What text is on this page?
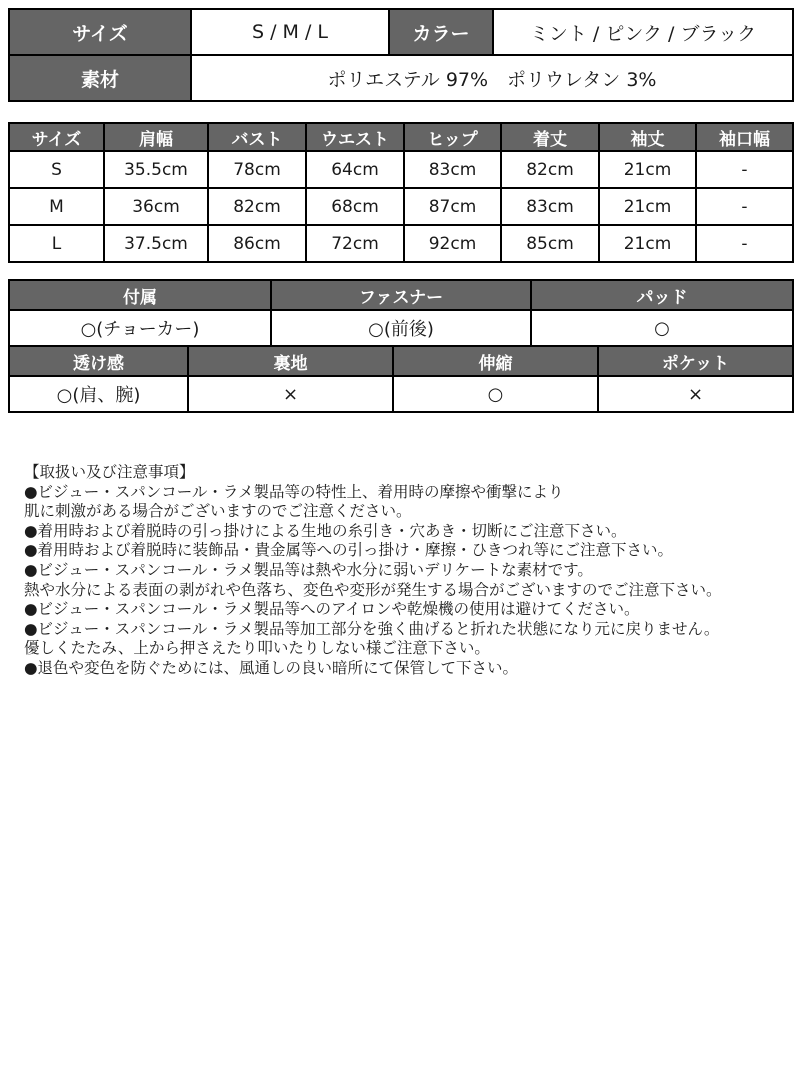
サイズ	S / M / L	カラー	ミント / ピンク / ブラック
素材	ポリエステル 97%　ポリウレタン 3%		
サイズ	肩幅	バスト	ウエスト	ヒップ	着丈	袖丈	袖口幅
S	35.5cm	78cm	64cm	83cm	82cm	21cm	-
M	36cm	82cm	68cm	87cm	83cm	21cm	-
L	37.5cm	86cm	72cm	92cm	85cm	21cm	-
付属	ファスナー	パッド
○(チョーカー)	○(前後)	○
透け感	裏地	伸縮	ポケット
○(肩、腕)	×	○	×
【取扱い及び注意事項】
●ビジュー・スパンコール・ラメ製品等の特性上、着用時の摩擦や衝撃により
肌に刺激がある場合がございますのでご注意ください。
●着用時および着脱時の引っ掛けによる生地の糸引き・穴あき・切断にご注意下さい。
●着用時および着脱時に装飾品・貴金属等への引っ掛け・摩擦・ひきつれ等にご注意下さい。
●ビジュー・スパンコール・ラメ製品等は熱や水分に弱いデリケートな素材です。
熱や水分による表面の剥がれや色落ち、変色や変形が発生する場合がございますのでご注意下さい。
●ビジュー・スパンコール・ラメ製品等へのアイロンや乾燥機の使用は避けてください。
●ビジュー・スパンコール・ラメ製品等加工部分を強く曲げると折れた状態になり元に戻りません。
優しくたたみ、上から押さえたり叩いたりしない様ご注意下さい。
●退色や変色を防ぐためには、風通しの良い暗所にて保管して下さい。
